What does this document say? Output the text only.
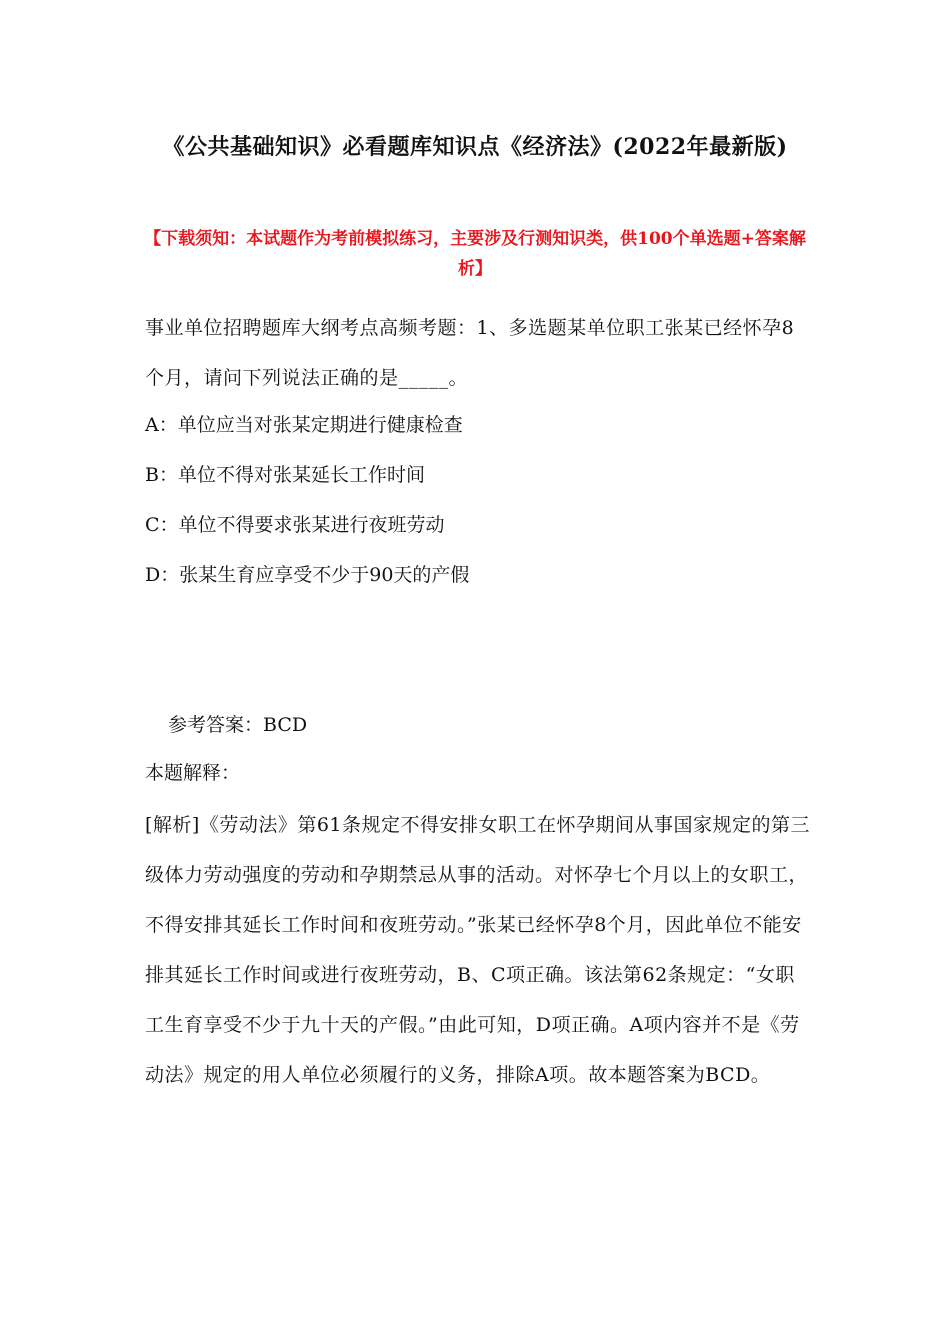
《公共基础知识》必看题库知识点《经济法》(2022年最新版)
【下载须知：本试题作为考前模拟练习，主要涉及行测知识类，供100个单选题+答案解析】
事业单位招聘题库大纲考点高频考题：1、多选题某单位职工张某已经怀孕8个月，请问下列说法正确的是_____。
A：单位应当对张某定期进行健康检查
B：单位不得对张某延长工作时间
C：单位不得要求张某进行夜班劳动
D：张某生育应享受不少于90天的产假
参考答案：BCD
本题解释：
[解析]《劳动法》第61条规定不得安排女职工在怀孕期间从事国家规定的第三级体力劳动强度的劳动和孕期禁忌从事的活动。对怀孕七个月以上的女职工，不得安排其延长工作时间和夜班劳动。”张某已经怀孕8个月，因此单位不能安排其延长工作时间或进行夜班劳动，B、C项正确。该法第62条规定：“女职工生育享受不少于九十天的产假。”由此可知，D项正确。A项内容并不是《劳动法》规定的用人单位必须履行的义务，排除A项。故本题答案为BCD。
